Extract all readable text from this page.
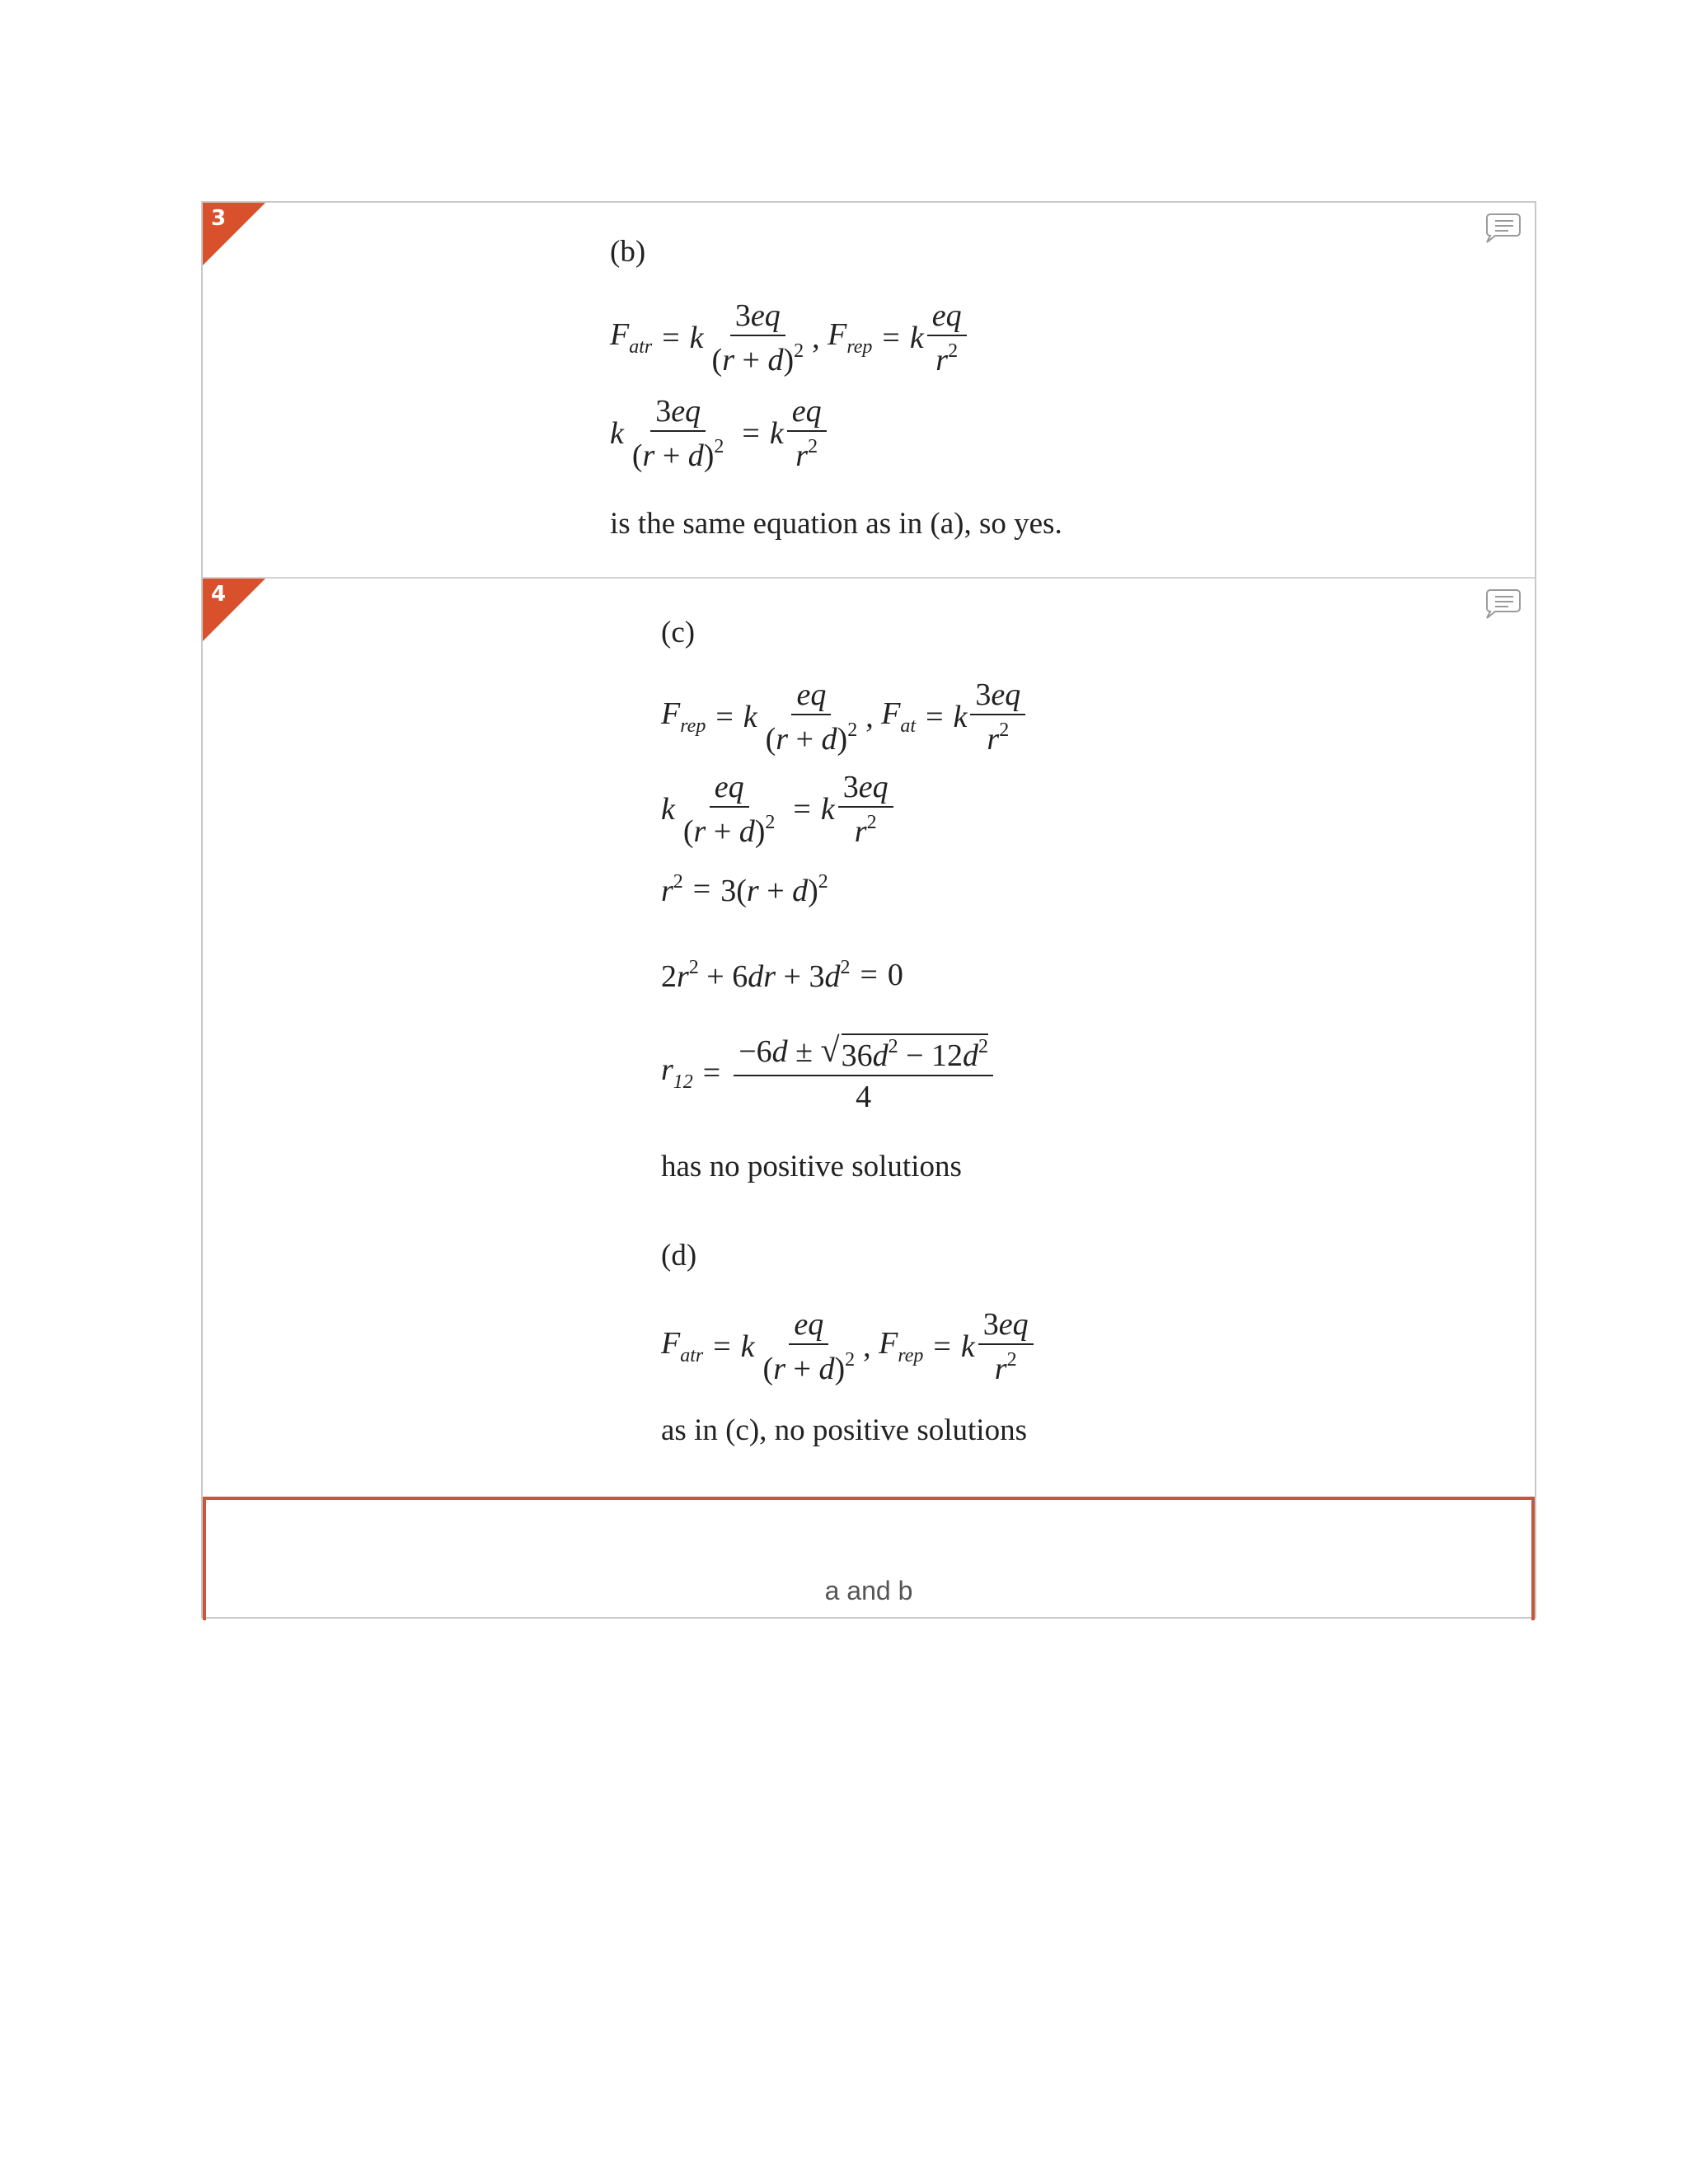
3
(b)
$F_{atr} = k \frac{3eq}{(r + d)^2}$ , $F_{rep} = k \frac{eq}{r^2}$
k $\frac{3eq}{(r + d)^2} = k \frac{eq}{r^2}$
is the same equation as in (a), so yes.
4
(c)
$F_{rep} = k \frac{eq}{(r + d)^2}$ , $F_{at} = k \frac{3eq}{r^2}$
k $\frac{eq}{(r + d)^2} = k \frac{3eq}{r^2}$
$r^2 = 3(r + d)^2$
$2r^2 + 6dr + 3d^2 = 0$
$r_{12} = \frac{-6d \pm √ 36d^2 - 12d^2}{4}$
has no positive solutions
(d)
$F_{atr} = k \frac{eq}{(r + d)^2}$ , $F_{rep} = k \frac{3eq}{r^2}$
as in (c), no positive solutions
a and b
